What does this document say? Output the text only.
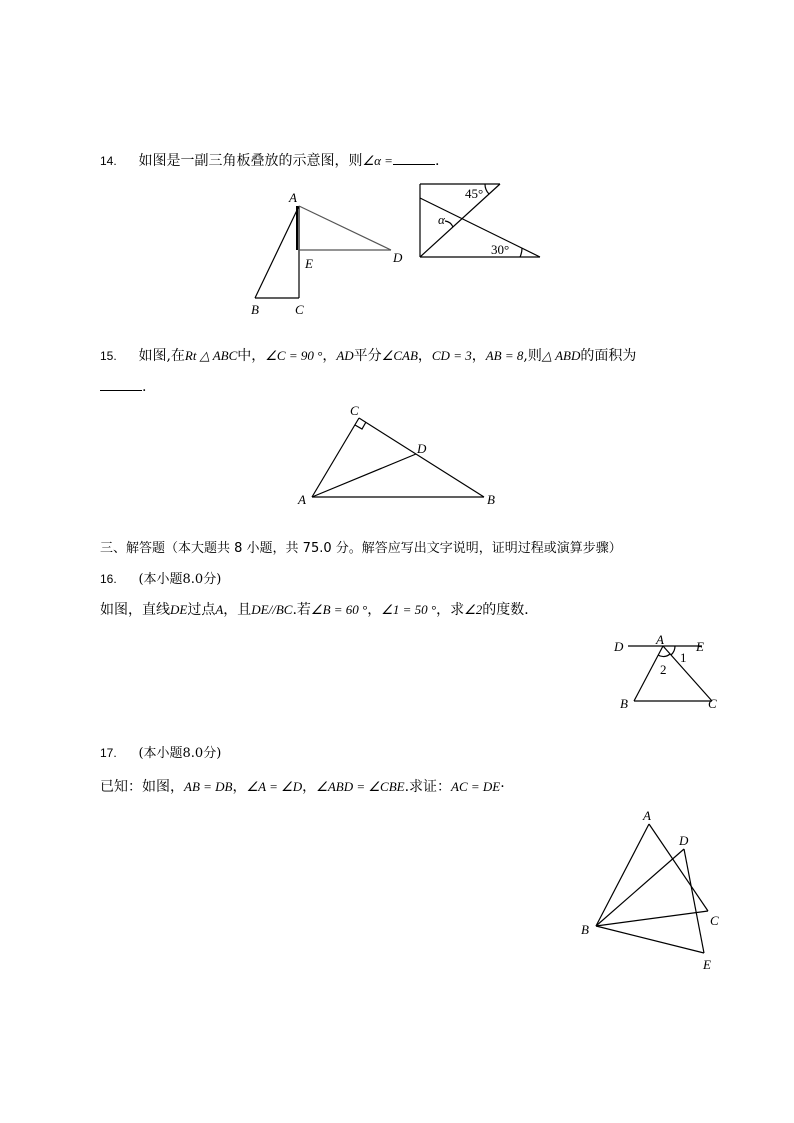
14. 如图是一副三角板叠放的示意图，则∠α =	.
A
B	C
D
E
45°
30°
α
15. 如图,在Rt △ ABC中，∠C = 90 °，AD平分∠CAB，CD = 3，AB = 8,则△ ABD的面积为
.
A	B
C
D
三、解答题（本大题共 8 小题，共 75.0 分。解答应写出文字说明，证明过程或演算步骤）
16. (本小题8.0分)
如图，直线DE过点A，且DE//BC.若∠B = 60 °，∠1 = 50 °，求∠2的度数．
D	A E
B	C
1
2
17. (本小题8.0分)
已知：如图，AB = DB，∠A = ∠D，∠ABD = ∠CBE.求证：AC = DE·
A
D
C
B
E
